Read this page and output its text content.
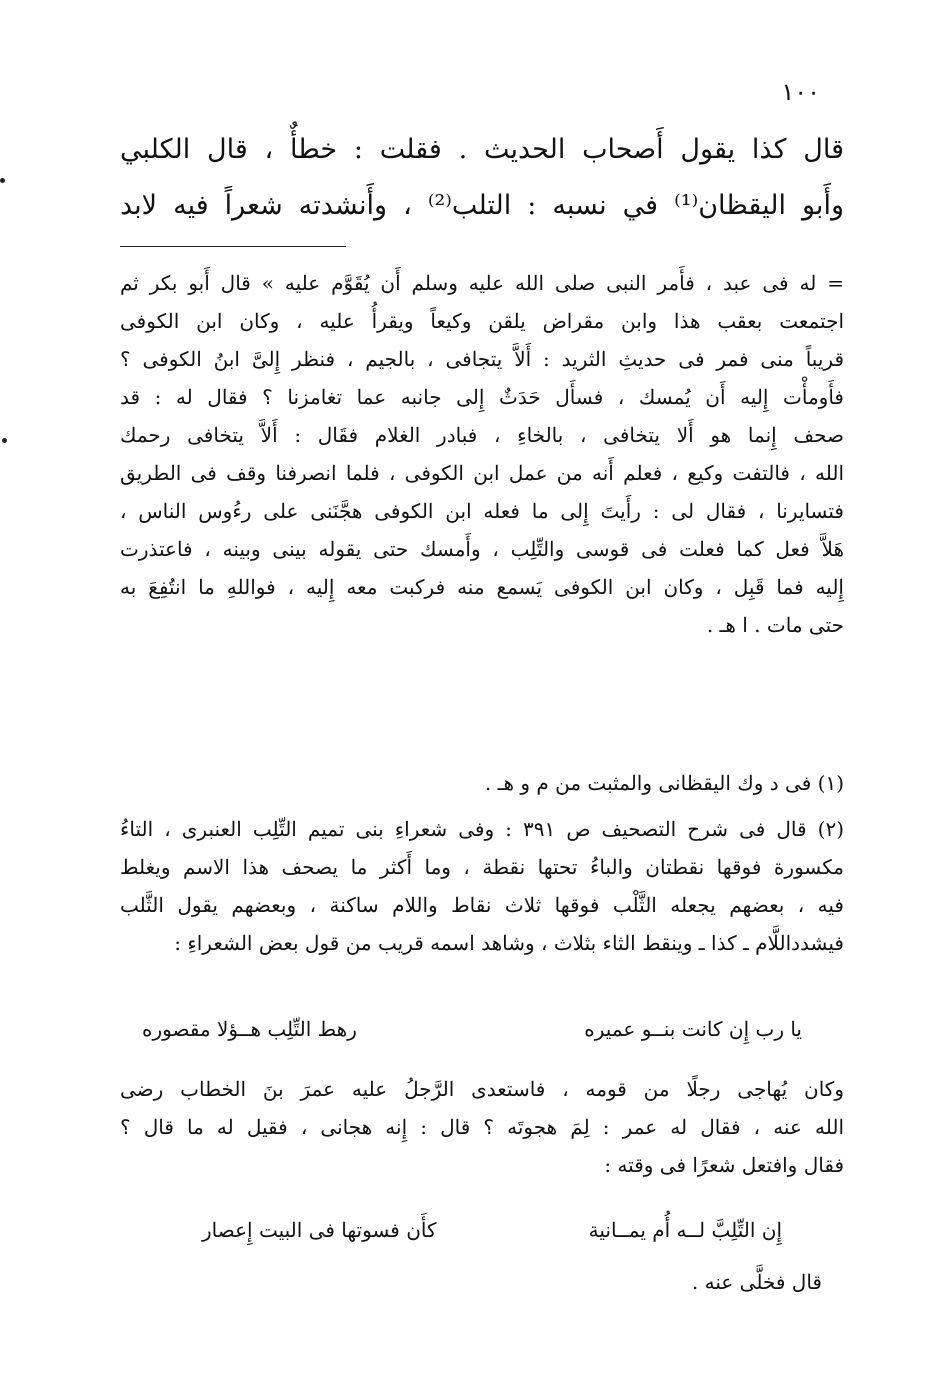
١٠٠

قال كذا يقول أَصحاب الحديث . فقلت : خطأٌ ، قال الكلبي

وأَبو اليقظان⁽¹⁾ في نسبه : التلب⁽²⁾ ، وأَنشدته شعراً فيه لابد

= له فى عبد ، فأَمر النبى صلى الله عليه وسلم أَن يُقَوَّم عليه » قال أَبو بكر ثم

اجتمعت بعقب هذا وابن مقراض يلقن وكيعاً ويقرأُ عليه ، وكان ابن الكوفى

قريباً منى فمر فى حديثِ الثريد : أَلاَّ يتجافى ، بالجيم ، فنظر إِلىَّ ابنُ الكوفى ؟

فأَومأْت إِليه أَن يُمسك ، فسأَل حَدَثٌ إِلى جانبه عما تغامزنا ؟ فقال له : قد

صحف إِنما هو أَلا يتخافى ، بالخاءِ ، فبادر الغلام فقَال : أَلاَّ يتخافى رحمك

الله ، فالتفت وكيع ، فعلم أَنه من عمل ابن الكوفى ، فلما انصرفنا وقف فى الطريق

فتسايرنا ، فقال لى : رأَيتَ إِلى ما فعله ابن الكوفى هجَّنَنى على رءُوس الناس ،

هَلاَّ فعل كما فعلت فى قوسى والتِّلِب ، وأَمسك حتى يقوله بينى وبينه ، فاعتذرت

إِليه فما قَبِل ، وكان ابن الكوفى يَسمع منه فركبت معه إِليه ، فواللهِ ما انتُفِعَ به

حتى مات . ا هـ .

(١) فى د وك اليقظانى والمثبت من م و هـ .

(٢) قال فى شرح التصحيف ص ٣٩١ : وفى شعراءِ بنى تميم التِّلِب العنبرى ، التاءُ

مكسورة فوقها نقطتان والباءُ تحتها نقطة ، وما أَكثر ما يصحف هذا الاسم ويغلط

فيه ، بعضهم يجعله الثَّلْب فوقها ثلاث نقاط واللام ساكنة ، وبعضهم يقول الثَّلب

فيشدداللَّام ـ كذا ـ وينقط الثاء بثلاث ، وشاهد اسمه قريب من قول بعض الشعراءِ :

يا رب إِن كانت بنــو عميره
رهط التِّلِب هــؤلا مقصوره

وكان يُهاجى رجلًا من قومه ، فاستعدى الرَّجلُ عليه عمرَ بنَ الخطاب رضى

الله عنه ، فقال له عمر : لِمَ هجوتَه ؟ قال : إِنه هجانى ، فقيل له ما قال ؟

فقال وافتعل شعرًا فى وقته :

إِن التِّلِبَّ لــه أُم يمــانية
كأَن فسوتها فى البيت إِعصار
قال فخلَّى عنه .
